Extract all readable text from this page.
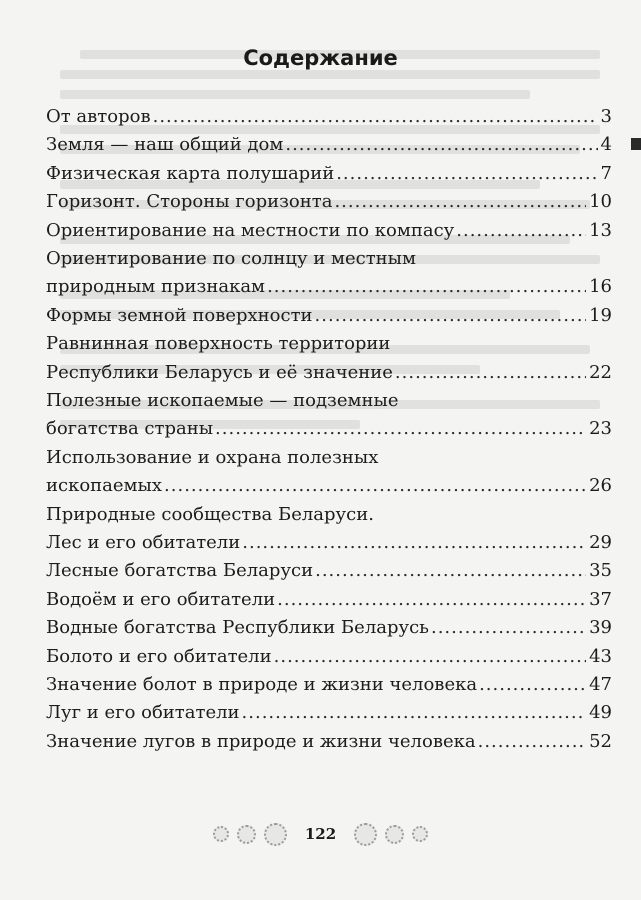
Содержание
От авторов .....	3
Земля — наш общий дом .....	4
Физическая карта полушарий .....	7
Горизонт. Стороны горизонта .....	10
Ориентирование на местности по компасу .....	13
Ориентирование по солнцу и местным
природным признакам .....	16
Формы земной поверхности .....	19
Равнинная поверхность территории
Республики Беларусь и её значение .....	22
Полезные ископаемые — подземные
богатства страны .....	23
Использование и охрана полезных
ископаемых .....	26
Природные сообщества Беларуси.
Лес и его обитатели .....	29
Лесные богатства Беларуси .....	35
Водоём и его обитатели .....	37
Водные богатства Республики Беларусь .....	39
Болото и его обитатели .....	43
Значение болот в природе и жизни человека .....	47
Луг и его обитатели .....	49
Значение лугов в природе и жизни человека .....	52
122
